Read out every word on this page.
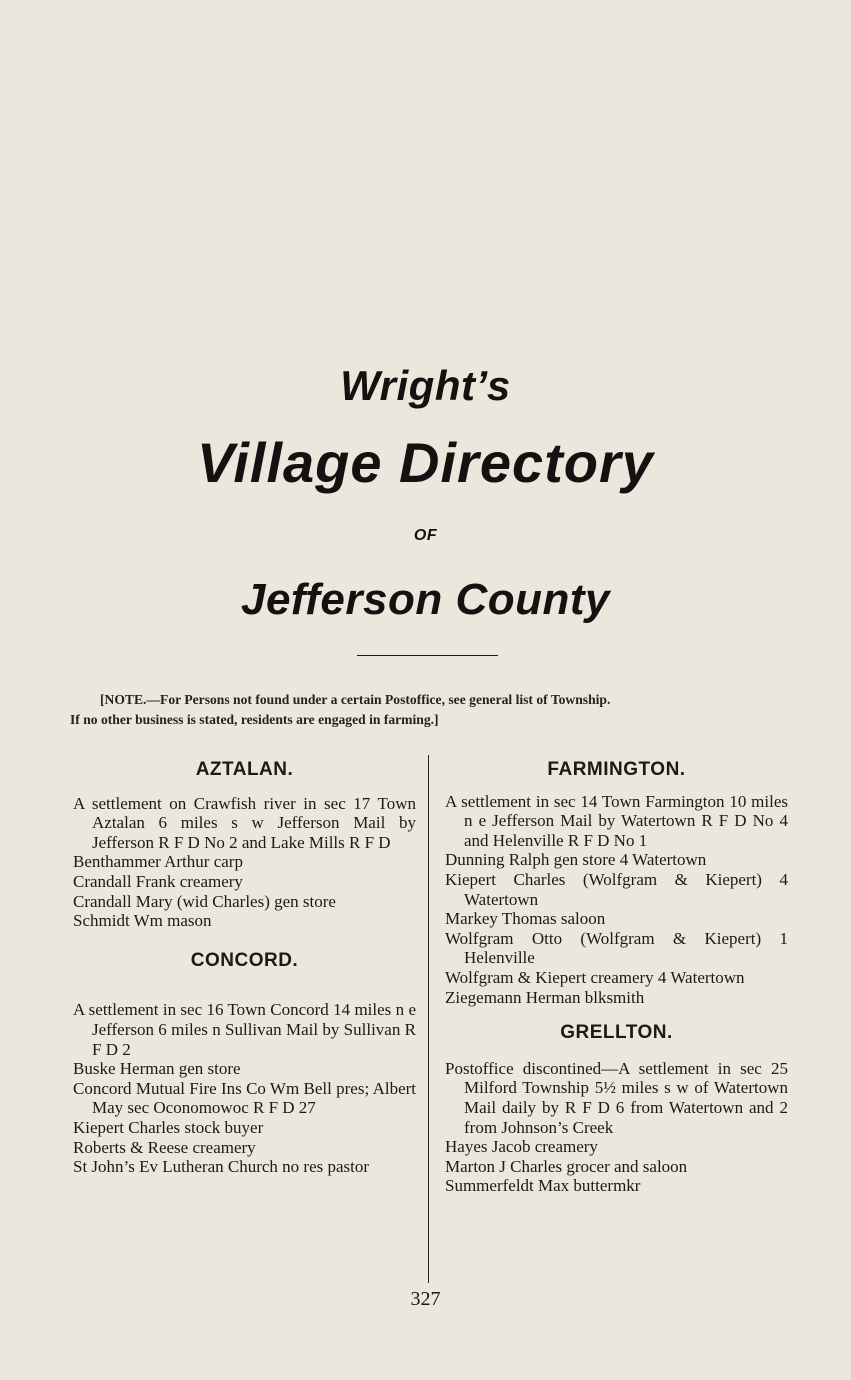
Wright’s
Village Directory
OF
Jefferson County
[NOTE.—For Persons not found under a certain Postoffice, see general list of Township.
If no other business is stated, residents are engaged in farming.]
AZTALAN.
A settlement on Crawfish river in sec 17 Town Aztalan 6 miles s w Jefferson Mail by Jefferson R F D No 2 and Lake Mills R F D
Benthammer Arthur carp
Crandall Frank creamery
Crandall Mary (wid Charles) gen store
Schmidt Wm mason
CONCORD.
A settlement in sec 16 Town Concord 14 miles n e Jefferson 6 miles n Sullivan Mail by Sullivan R F D 2
Buske Herman gen store
Concord Mutual Fire Ins Co Wm Bell pres; Albert May sec Oconomowoc R F D 27
Kiepert Charles stock buyer
Roberts & Reese creamery
St John’s Ev Lutheran Church no res pastor
FARMINGTON.
A settlement in sec 14 Town Farmington 10 miles n e Jefferson Mail by Watertown R F D No 4 and Helenville R F D No 1
Dunning Ralph gen store 4 Watertown
Kiepert Charles (Wolfgram & Kiepert) 4 Watertown
Markey Thomas saloon
Wolfgram Otto (Wolfgram & Kiepert) 1 Helenville
Wolfgram & Kiepert creamery 4 Watertown
Ziegemann Herman blksmith
GRELLTON.
Postoffice discontined—A settlement in sec 25 Milford Township 5½ miles s w of Watertown Mail daily by R F D 6 from Watertown and 2 from Johnson’s Creek
Hayes Jacob creamery
Marton J Charles grocer and saloon
Summerfeldt Max buttermkr
327
